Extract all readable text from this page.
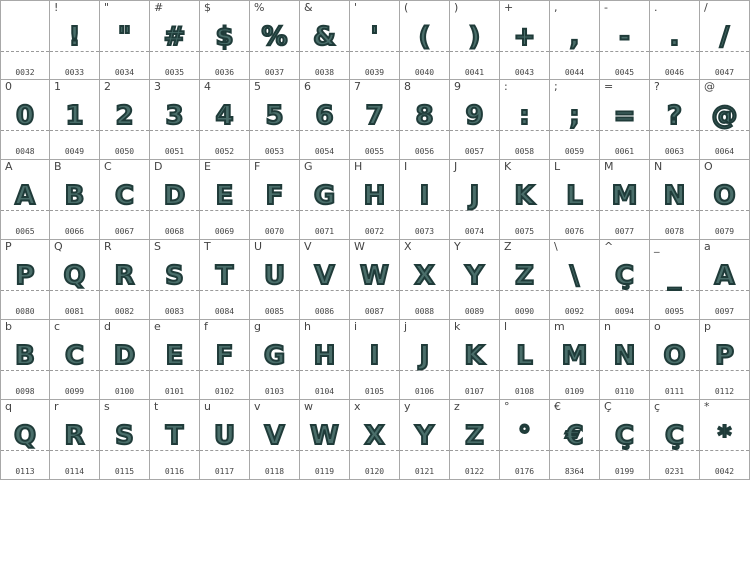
0032
!
!
0033
"
"
0034
#
#
0035
$
$
0036
%
%
0037
&
&
0038
'
'
0039
(
(
0040
)
)
0041
+
+
0043
,
,
0044
-
-
0045
.
.
0046
/
/
0047
0
0
0048
1
1
0049
2
2
0050
3
3
0051
4
4
0052
5
5
0053
6
6
0054
7
7
0055
8
8
0056
9
9
0057
:
:
0058
;
;
0059
=
=
0061
?
?
0063
@
@
0064
A
A
0065
B
B
0066
C
C
0067
D
D
0068
E
E
0069
F
F
0070
G
G
0071
H
H
0072
I
I
0073
J
J
0074
K
K
0075
L
L
0076
M
M
0077
N
N
0078
O
O
0079
P
P
0080
Q
Q
0081
R
R
0082
S
S
0083
T
T
0084
U
U
0085
V
V
0086
W
W
0087
X
X
0088
Y
Y
0089
Z
Z
0090
\
\
0092
^
Ç
0094
_
_
0095
a
A
0097
b
B
0098
c
C
0099
d
D
0100
e
E
0101
f
F
0102
g
G
0103
h
H
0104
i
I
0105
j
J
0106
k
K
0107
l
L
0108
m
M
0109
n
N
0110
o
O
0111
p
P
0112
q
Q
0113
r
R
0114
s
S
0115
t
T
0116
u
U
0117
v
V
0118
w
W
0119
x
X
0120
y
Y
0121
z
Z
0122
°
°
0176
€
€
8364
Ç
Ç
0199
ç
Ç
0231
*
*
0042
